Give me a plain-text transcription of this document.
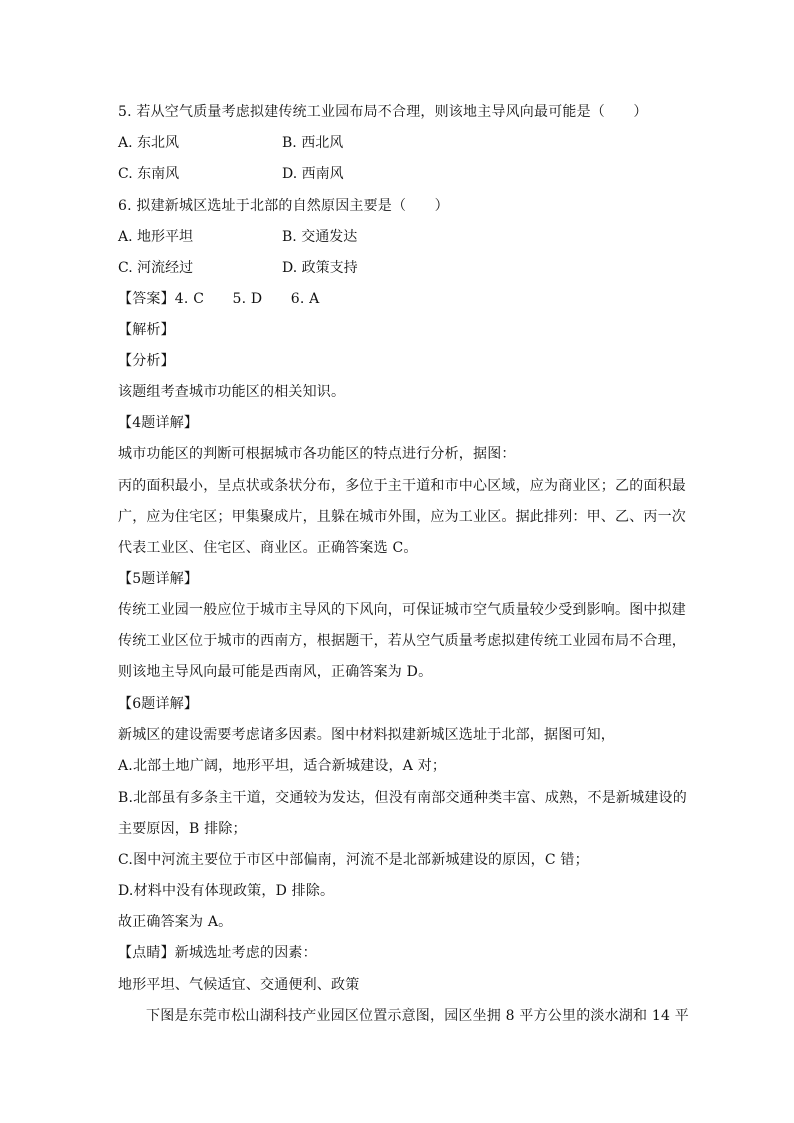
5. 若从空气质量考虑拟建传统工业园布局不合理，则该地主导风向最可能是（　　）
A. 东北风	B. 西北风
C. 东南风	D. 西南风
6. 拟建新城区选址于北部的自然原因主要是（　　）
A. 地形平坦	B. 交通发达
C. 河流经过	D. 政策支持
【答案】4. C　　5. D　　6. A
【解析】
【分析】
该题组考查城市功能区的相关知识。
【4题详解】
城市功能区的判断可根据城市各功能区的特点进行分析，据图：
丙的面积最小，呈点状或条状分布，多位于主干道和市中心区域，应为商业区；乙的面积最
广，应为住宅区；甲集聚成片，且躲在城市外围，应为工业区。据此排列：甲、乙、丙一次
代表工业区、住宅区、商业区。正确答案选 C。
【5题详解】
传统工业园一般应位于城市主导风的下风向，可保证城市空气质量较少受到影响。图中拟建
传统工业区位于城市的西南方，根据题干，若从空气质量考虑拟建传统工业园布局不合理，
则该地主导风向最可能是西南风，正确答案为 D。
【6题详解】
新城区的建设需要考虑诸多因素。图中材料拟建新城区选址于北部，据图可知，
A.北部土地广阔，地形平坦，适合新城建设，A 对；
B.北部虽有多条主干道，交通较为发达，但没有南部交通种类丰富、成熟，不是新城建设的
主要原因，B 排除；
C.图中河流主要位于市区中部偏南，河流不是北部新城建设的原因，C 错；
D.材料中没有体现政策，D 排除。
故正确答案为 A。
【点睛】新城选址考虑的因素：
地形平坦、气候适宜、交通便利、政策
下图是东莞市松山湖科技产业园区位置示意图，园区坐拥 8 平方公里的淡水湖和 14 平
